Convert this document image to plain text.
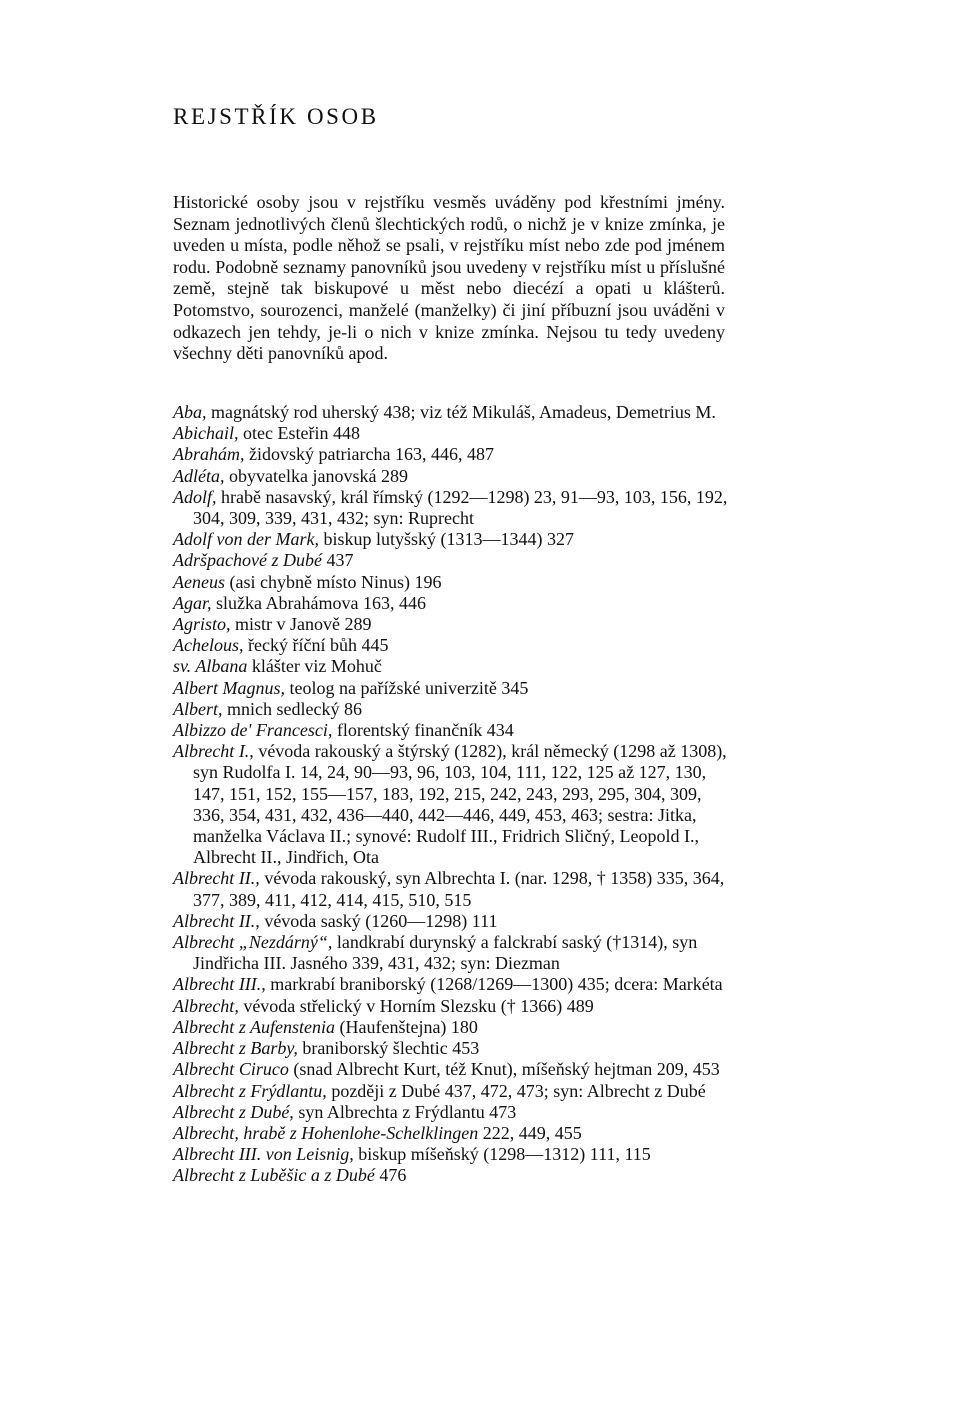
REJSTŘÍK OSOB

Historické osoby jsou v rejstříku vesměs uváděny pod křestními jmény. Seznam jednotlivých členů šlechtických rodů, o nichž je v knize zmínka, je uveden u místa, podle něhož se psali, v rejstříku míst nebo zde pod jménem rodu. Podobně seznamy panovníků jsou uvedeny v rejstříku míst u příslušné země, stejně tak biskupové u měst nebo diecézí a opati u klášterů. Potomstvo, sourozenci, manželé (manželky) či jiní příbuzní jsou uváděni v odkazech jen tehdy, je-li o nich v knize zmínka. Nejsou tu tedy uvedeny všechny děti panovníků apod.

Aba, magnátský rod uherský 438; viz též Mikuláš, Amadeus, Demetrius M.
Abichail, otec Esteřin 448
Abrahám, židovský patriarcha 163, 446, 487
Adléta, obyvatelka janovská 289
Adolf, hrabě nasavský, král římský (1292—1298) 23, 91—93, 103, 156, 192, 304, 309, 339, 431, 432; syn: Ruprecht
Adolf von der Mark, biskup lutyšský (1313—1344) 327
Adršpachové z Dubé 437
Aeneus (asi chybně místo Ninus) 196
Agar, služka Abrahámova 163, 446
Agristo, mistr v Janově 289
Achelous, řecký říční bůh 445
sv. Albana klášter viz Mohuč
Albert Magnus, teolog na pařížské univerzitě 345
Albert, mnich sedlecký 86
Albizzo de' Francesci, florentský finančník 434
Albrecht I., vévoda rakouský a štýrský (1282), král německý (1298 až 1308), syn Rudolfa I. 14, 24, 90—93, 96, 103, 104, 111, 122, 125 až 127, 130, 147, 151, 152, 155—157, 183, 192, 215, 242, 243, 293, 295, 304, 309, 336, 354, 431, 432, 436—440, 442—446, 449, 453, 463; sestra: Jitka, manželka Václava II.; synové: Rudolf III., Fridrich Sličný, Leopold I., Albrecht II., Jindřich, Ota
Albrecht II., vévoda rakouský, syn Albrechta I. (nar. 1298, † 1358) 335, 364, 377, 389, 411, 412, 414, 415, 510, 515
Albrecht II., vévoda saský (1260—1298) 111
Albrecht „Nezdárný“, landkrabí durynský a falckrabí saský (†1314), syn Jindřicha III. Jasného 339, 431, 432; syn: Diezman
Albrecht III., markrabí braniborský (1268/1269—1300) 435; dcera: Markéta
Albrecht, vévoda střelický v Horním Slezsku († 1366) 489
Albrecht z Aufenstenia (Haufenštejna) 180
Albrecht z Barby, braniborský šlechtic 453
Albrecht Ciruco (snad Albrecht Kurt, též Knut), míšeňský hejtman 209, 453
Albrecht z Frýdlantu, později z Dubé 437, 472, 473; syn: Albrecht z Dubé
Albrecht z Dubé, syn Albrechta z Frýdlantu 473
Albrecht, hrabě z Hohenlohe-Schelklingen 222, 449, 455
Albrecht III. von Leisnig, biskup míšeňský (1298—1312) 111, 115
Albrecht z Luběšic a z Dubé 476
